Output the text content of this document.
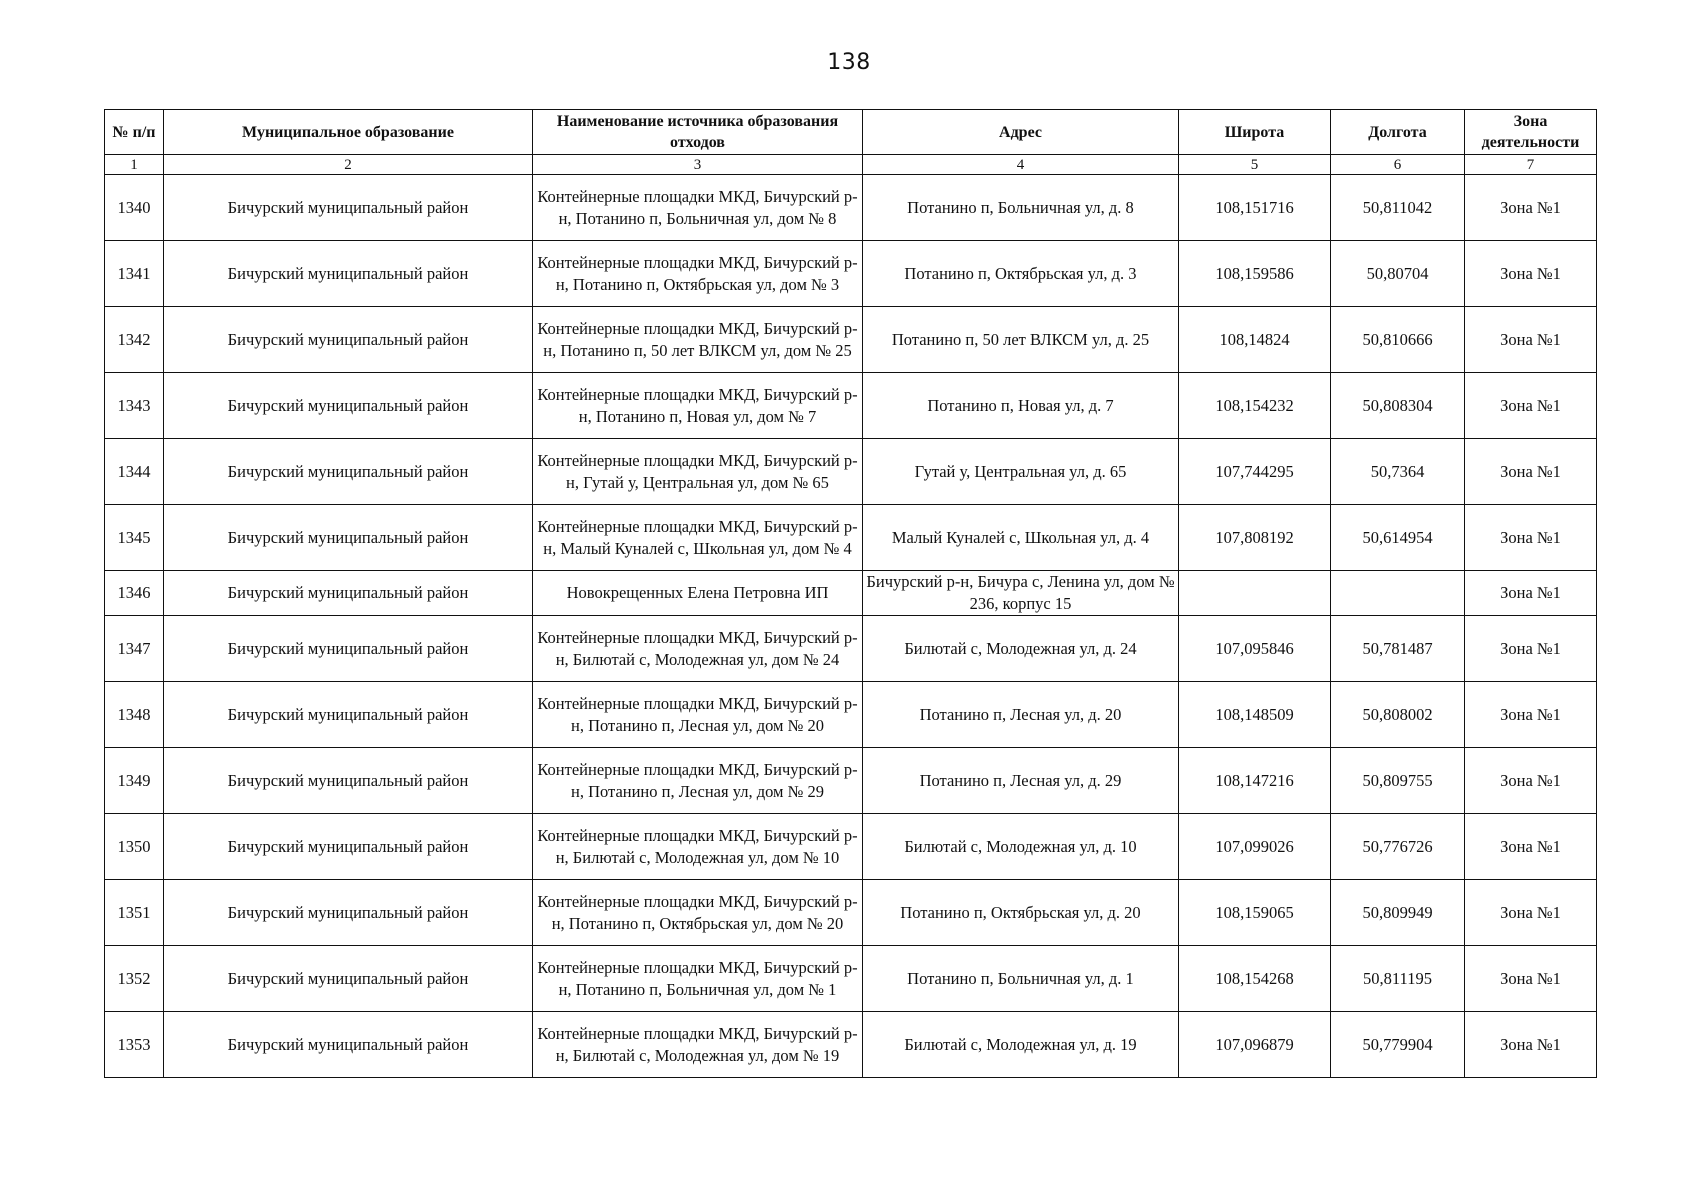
138
№ п/п	Муниципальное образование	Наименование источника образования отходов	Адрес	Широта	Долгота	Зона деятельности
1	2	3	4	5	6	7
1340	Бичурский муниципальный район	Контейнерные площадки МКД, Бичурский р-н, Потанино п, Больничная ул, дом № 8	Потанино п, Больничная ул, д. 8	108,151716	50,811042	Зона №1
1341	Бичурский муниципальный район	Контейнерные площадки МКД, Бичурский р-н, Потанино п, Октябрьская ул, дом № 3	Потанино п, Октябрьская ул, д. 3	108,159586	50,80704	Зона №1
1342	Бичурский муниципальный район	Контейнерные площадки МКД, Бичурский р-н, Потанино п, 50 лет ВЛКСМ ул, дом № 25	Потанино п, 50 лет ВЛКСМ ул, д. 25	108,14824	50,810666	Зона №1
1343	Бичурский муниципальный район	Контейнерные площадки МКД, Бичурский р-н, Потанино п, Новая ул, дом № 7	Потанино п, Новая ул, д. 7	108,154232	50,808304	Зона №1
1344	Бичурский муниципальный район	Контейнерные площадки МКД, Бичурский р-н, Гутай у, Центральная ул, дом № 65	Гутай у, Центральная ул, д. 65	107,744295	50,7364	Зона №1
1345	Бичурский муниципальный район	Контейнерные площадки МКД, Бичурский р-н, Малый Куналей с, Школьная ул, дом № 4	Малый Куналей с, Школьная ул, д. 4	107,808192	50,614954	Зона №1
1346	Бичурский муниципальный район	Новокрещенных Елена Петровна ИП	Бичурский р-н, Бичура с, Ленина ул, дом № 236, корпус 15			Зона №1
1347	Бичурский муниципальный район	Контейнерные площадки МКД, Бичурский р-н, Билютай с, Молодежная ул, дом № 24	Билютай с, Молодежная ул, д. 24	107,095846	50,781487	Зона №1
1348	Бичурский муниципальный район	Контейнерные площадки МКД, Бичурский р-н, Потанино п, Лесная ул, дом № 20	Потанино п, Лесная ул, д. 20	108,148509	50,808002	Зона №1
1349	Бичурский муниципальный район	Контейнерные площадки МКД, Бичурский р-н, Потанино п, Лесная ул, дом № 29	Потанино п, Лесная ул, д. 29	108,147216	50,809755	Зона №1
1350	Бичурский муниципальный район	Контейнерные площадки МКД, Бичурский р-н, Билютай с, Молодежная ул, дом № 10	Билютай с, Молодежная ул, д. 10	107,099026	50,776726	Зона №1
1351	Бичурский муниципальный район	Контейнерные площадки МКД, Бичурский р-н, Потанино п, Октябрьская ул, дом № 20	Потанино п, Октябрьская ул, д. 20	108,159065	50,809949	Зона №1
1352	Бичурский муниципальный район	Контейнерные площадки МКД, Бичурский р-н, Потанино п, Больничная ул, дом № 1	Потанино п, Больничная ул, д. 1	108,154268	50,811195	Зона №1
1353	Бичурский муниципальный район	Контейнерные площадки МКД, Бичурский р-н, Билютай с, Молодежная ул, дом № 19	Билютай с, Молодежная ул, д. 19	107,096879	50,779904	Зона №1
